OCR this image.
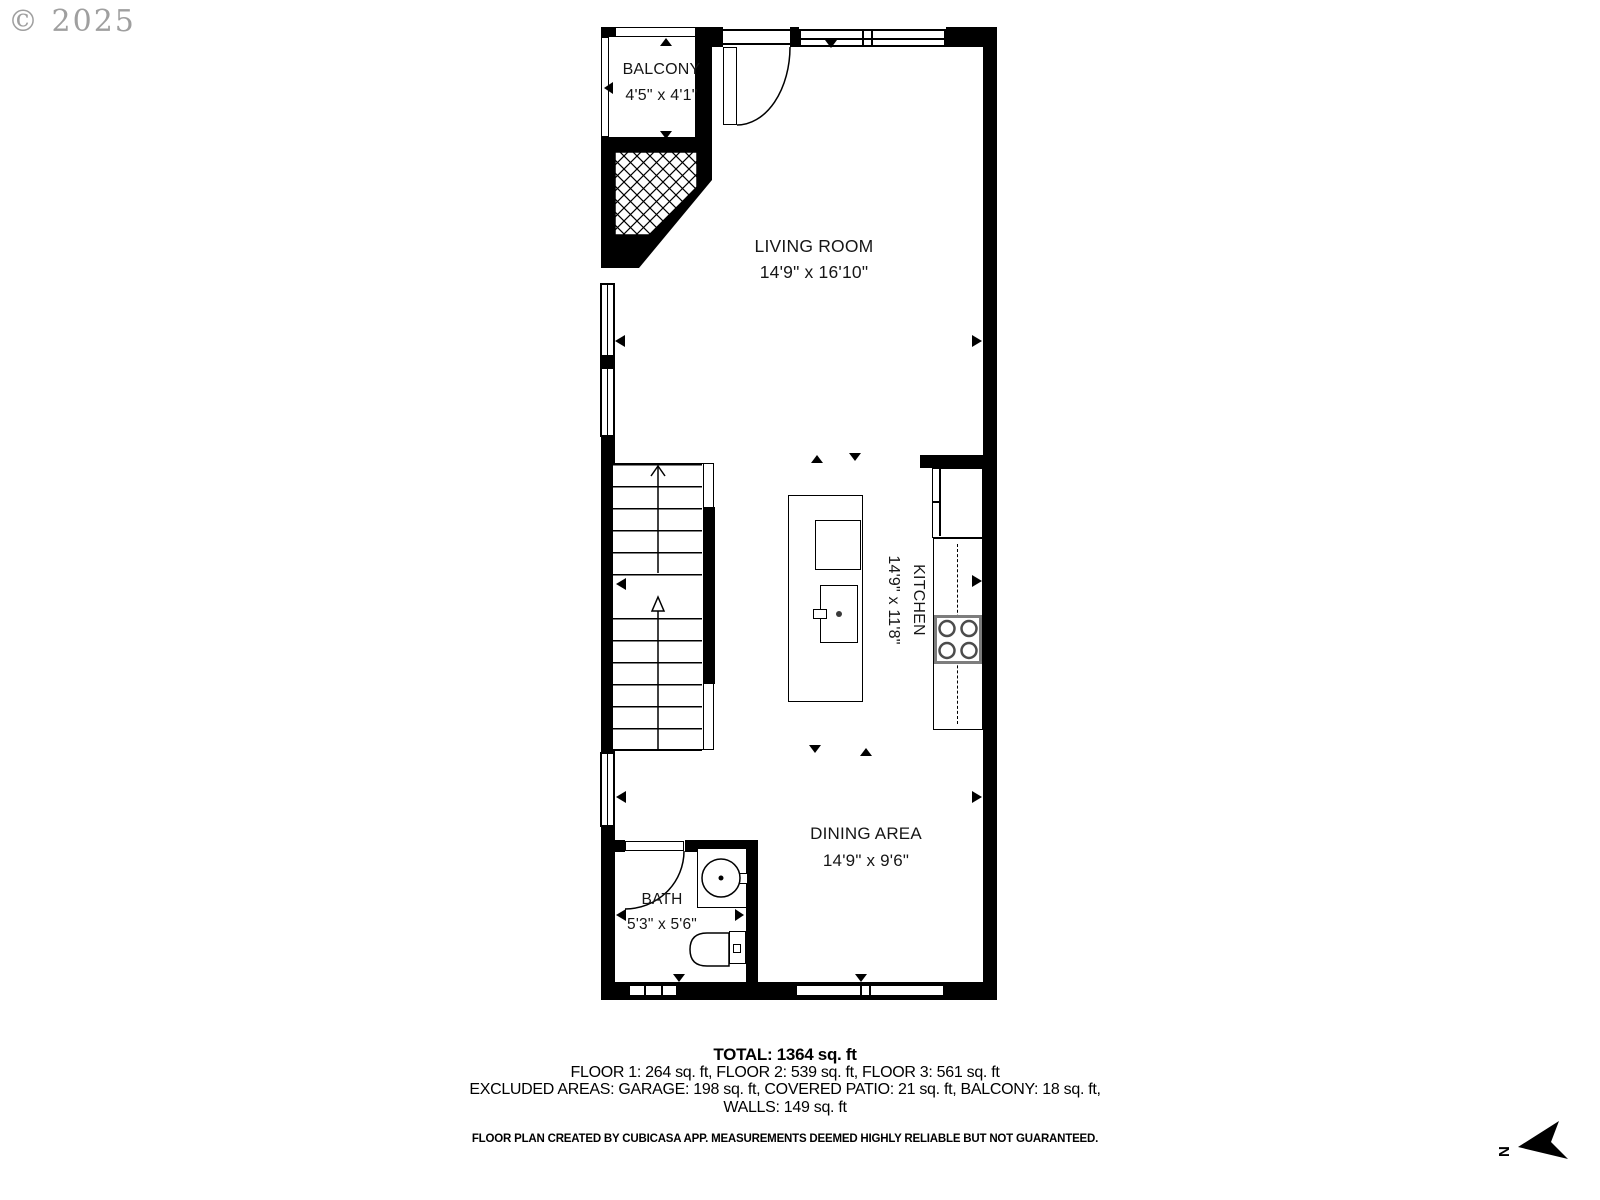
© 2025
BALCONY
4'5" x 4'1"
LIVING ROOM
14'9" x 16'10"
KITCHEN
14'9" x 11'8"
DINING AREA
14'9" x 9'6"
BATH
5'3" x 5'6"
TOTAL: 1364 sq. ft
FLOOR 1: 264 sq. ft, FLOOR 2: 539 sq. ft, FLOOR 3: 561 sq. ft
EXCLUDED AREAS: GARAGE: 198 sq. ft, COVERED PATIO: 21 sq. ft, BALCONY: 18 sq. ft,
WALLS: 149 sq. ft
FLOOR PLAN CREATED BY CUBICASA APP. MEASUREMENTS DEEMED HIGHLY RELIABLE BUT NOT GUARANTEED.
N
